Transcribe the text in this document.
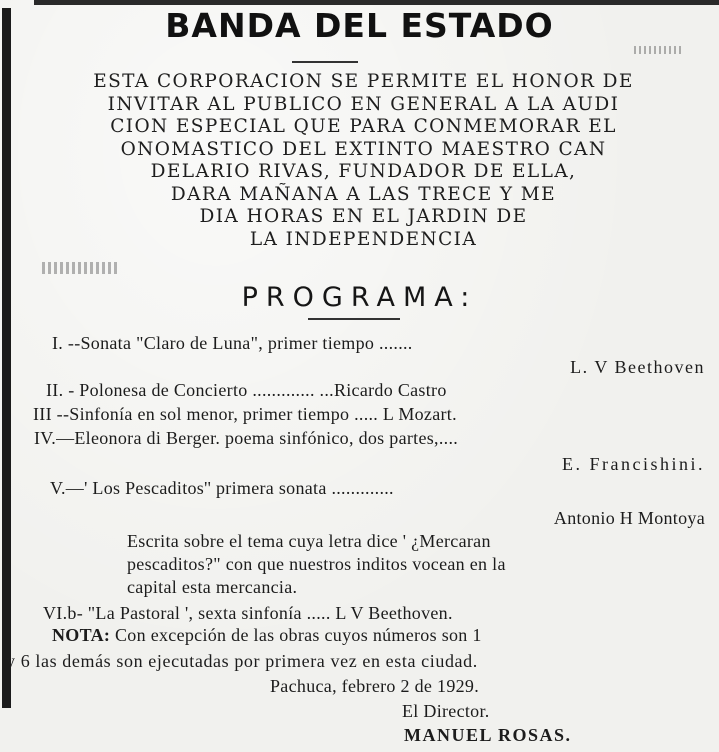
BANDA DEL ESTADO
ESTA CORPORACION SE PERMITE EL HONOR DE
INVITAR AL PUBLICO EN GENERAL A LA AUDI
CION ESPECIAL QUE PARA CONMEMORAR EL
ONOMASTICO DEL EXTINTO MAESTRO CAN
DELARIO RIVAS, FUNDADOR DE ELLA,
DARA MAÑANA A LAS TRECE Y ME
DIA HORAS EN EL JARDIN DE
LA INDEPENDENCIA
PROGRAMA:
I. --Sonata "Claro de Luna", primer tiempo .......
L. V Beethoven
II. - Polonesa de Concierto ............. ...Ricardo Castro
III --Sinfonía en sol menor, primer tiempo ..... L Mozart.
IV.—Eleonora di Berger. poema sinfónico, dos partes,....
E. Francishini.
V.—' Los Pescaditos'' primera sonata .............
Antonio H Montoya
Escrita sobre el tema cuya letra dice ' ¿Mercaran
pescaditos?" con que nuestros inditos vocean en la
capital esta mercancia.
VI.b- "La Pastoral ', sexta sinfonía ..... L V Beethoven.
NOTA: Con excepción de las obras cuyos números son 1
y 6 las demás son ejecutadas por primera vez en esta ciudad.
Pachuca, febrero 2 de 1929.
El Director.
MANUEL ROSAS.
